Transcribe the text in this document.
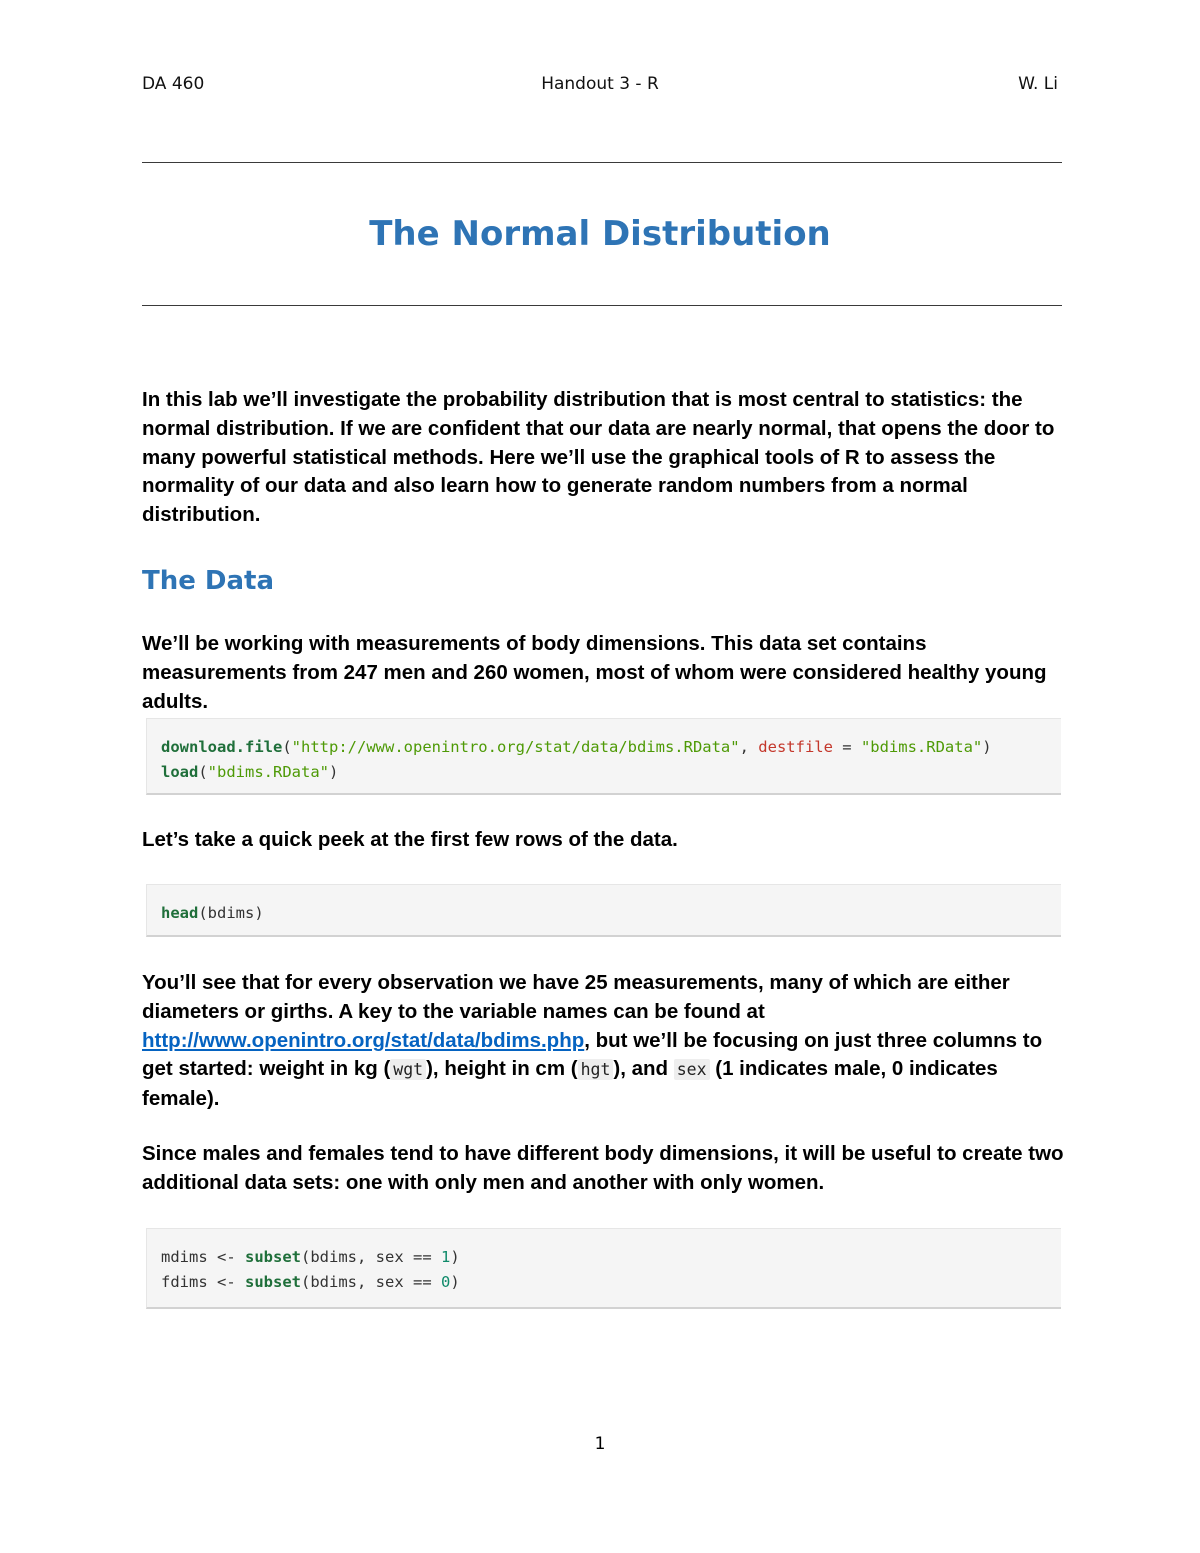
DA 460	Handout 3 - R	W. Li
The Normal Distribution
In this lab we’ll investigate the probability distribution that is most central to statistics: the normal distribution. If we are confident that our data are nearly normal, that opens the door to many powerful statistical methods. Here we’ll use the graphical tools of R to assess the normality of our data and also learn how to generate random numbers from a normal distribution.
The Data
We’ll be working with measurements of body dimensions. This data set contains measurements from 247 men and 260 women, most of whom were considered healthy young adults.
download.file("http://www.openintro.org/stat/data/bdims.RData", destfile = "bdims.RData")
load("bdims.RData")
Let’s take a quick peek at the first few rows of the data.
head(bdims)
You’ll see that for every observation we have 25 measurements, many of which are either diameters or girths. A key to the variable names can be found at http://www.openintro.org/stat/data/bdims.php, but we’ll be focusing on just three columns to get started: weight in kg ( wgt ), height in cm ( hgt ), and sex (1 indicates male, 0 indicates female).
Since males and females tend to have different body dimensions, it will be useful to create two additional data sets: one with only men and another with only women.
mdims <- subset(bdims, sex == 1)
fdims <- subset(bdims, sex == 0)
1
